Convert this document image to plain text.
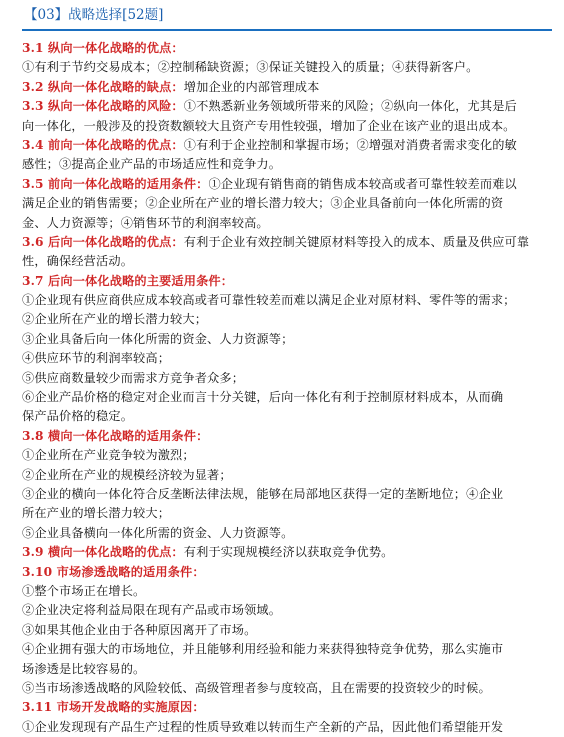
【03】战略选择[52题]
3.1 纵向一体化战略的优点：
①有利于节约交易成本；②控制稀缺资源；③保证关键投入的质量；④获得新客户。
3.2 纵向一体化战略的缺点：增加企业的内部管理成本
3.3 纵向一体化战略的风险：①不熟悉新业务领域所带来的风险；②纵向一体化，尤其是后
向一体化，一般涉及的投资数额较大且资产专用性较强，增加了企业在该产业的退出成本。
3.4 前向一体化战略的优点：①有利于企业控制和掌握市场；②增强对消费者需求变化的敏
感性；③提高企业产品的市场适应性和竞争力。
3.5 前向一体化战略的适用条件：①企业现有销售商的销售成本较高或者可靠性较差而难以
满足企业的销售需要；②企业所在产业的增长潜力较大；③企业具备前向一体化所需的资
金、人力资源等；④销售环节的利润率较高。
3.6 后向一体化战略的优点：有利于企业有效控制关键原材料等投入的成本、质量及供应可靠
性，确保经营活动。
3.7 后向一体化战略的主要适用条件：
①企业现有供应商供应成本较高或者可靠性较差而难以满足企业对原材料、零件等的需求；
②企业所在产业的增长潜力较大；
③企业具备后向一体化所需的资金、人力资源等；
④供应环节的利润率较高；
⑤供应商数量较少而需求方竞争者众多；
⑥企业产品价格的稳定对企业而言十分关键，后向一体化有利于控制原材料成本，从而确
保产品价格的稳定。
3.8 横向一体化战略的适用条件：
①企业所在产业竞争较为激烈；
②企业所在产业的规模经济较为显著；
③企业的横向一体化符合反垄断法律法规，能够在局部地区获得一定的垄断地位；④企业
所在产业的增长潜力较大；
⑤企业具备横向一体化所需的资金、人力资源等。
3.9 横向一体化战略的优点：有利于实现规模经济以获取竞争优势。
3.10 市场渗透战略的适用条件：
①整个市场正在增长。
②企业决定将利益局限在现有产品或市场领域。
③如果其他企业由于各种原因离开了市场。
④企业拥有强大的市场地位，并且能够利用经验和能力来获得独特竞争优势，那么实施市
场渗透是比较容易的。
⑤当市场渗透战略的风险较低、高级管理者参与度较高，且在需要的投资较少的时候。
3.11 市场开发战略的实施原因：
①企业发现现有产品生产过程的性质导致难以转而生产全新的产品，因此他们希望能开发
